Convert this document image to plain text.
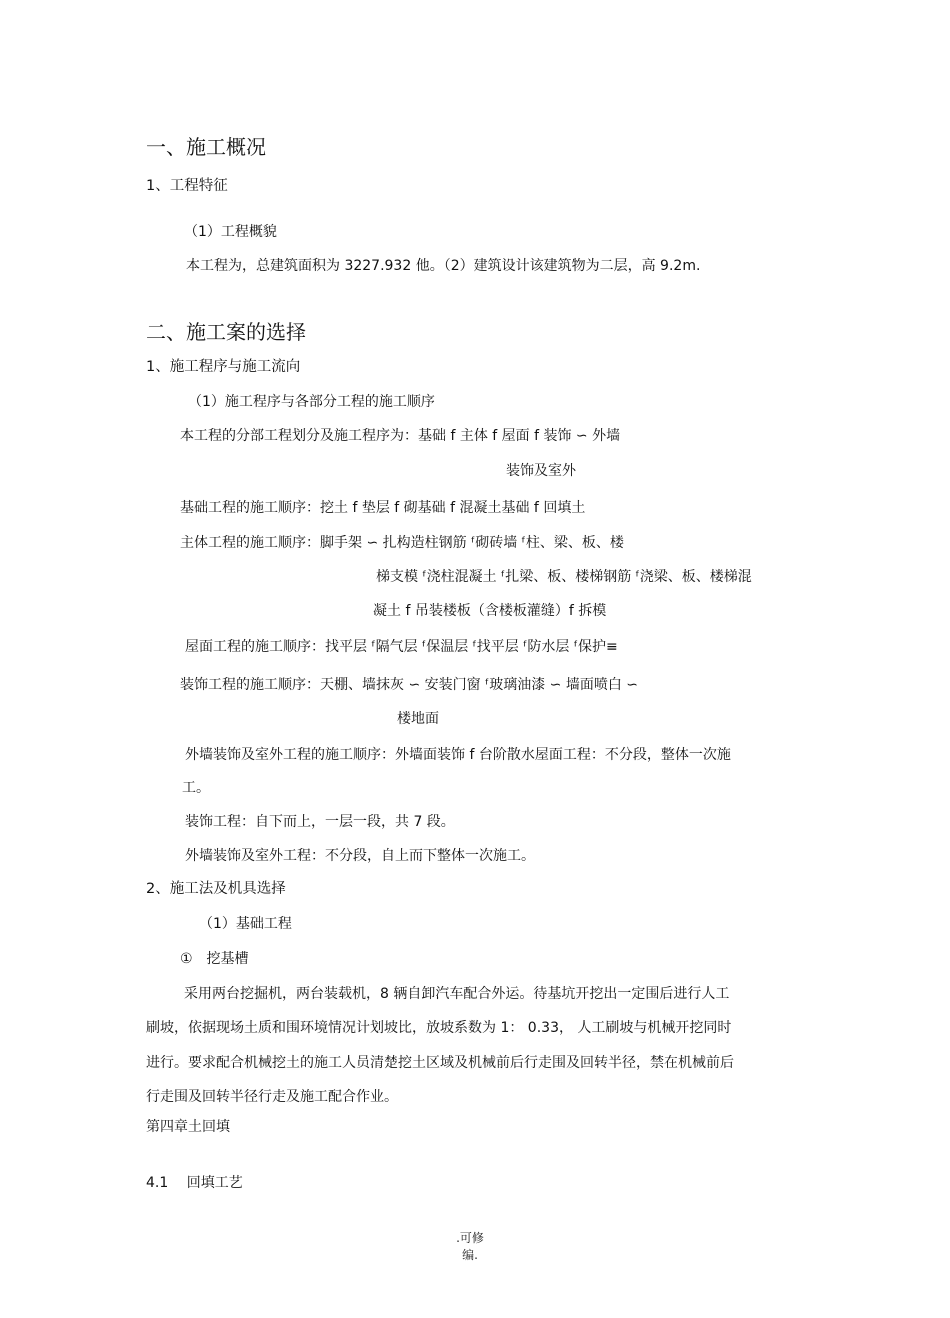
一、施工概况
1、工程特征
（1）工程概貌
本工程为，总建筑面积为 3227.932 他。（2）建筑设计该建筑物为二层，高 9.2m.
二、施工案的选择
1、施工程序与施工流向
（1）施工程序与各部分工程的施工顺序
本工程的分部工程划分及施工程序为：基础 f 主体 f 屋面 f 装饰 ∽ 外墙
装饰及室外
基础工程的施工顺序：挖土 f 垫层 f 砌基础 f 混凝土基础 f 回填土
主体工程的施工顺序：脚手架 ∽ 扎构造柱钢筋 ᶠ砌砖墙 ᶠ柱、梁、板、楼
梯支模 ᶠ浇柱混凝土 ᶠ扎梁、板、楼梯钢筋 ᶠ浇梁、板、楼梯混
凝土 f 吊装楼板（含楼板灌缝）f 拆模
屋面工程的施工顺序：找平层 ᶠ隔气层 ᶠ保温层 ᶠ找平层 ᶠ防水层 ᶠ保护≡
装饰工程的施工顺序：天棚、墙抹灰 ∽ 安装门窗 ᶠ玻璃油漆 ∽ 墙面喷白 ∽
楼地面
外墙装饰及室外工程的施工顺序：外墙面装饰 f 台阶散水屋面工程：不分段，整体一次施
工。
装饰工程：自下而上，一层一段，共 7 段。
外墙装饰及室外工程：不分段，自上而下整体一次施工。
2、施工法及机具选择
（1）基础工程
①　挖基槽
采用两台挖掘机，两台装载机，8 辆自卸汽车配合外运。待基坑开挖出一定围后进行人工
刷坡，依据现场土质和围环境情况计划坡比，放坡系数为 1： 0.33， 人工刷坡与机械开挖同时
进行。要求配合机械挖土的施工人员清楚挖土区域及机械前后行走围及回转半径，禁在机械前后
行走围及回转半径行走及施工配合作业。
第四章土回填
4.1　 回填工艺
.可修
编.
